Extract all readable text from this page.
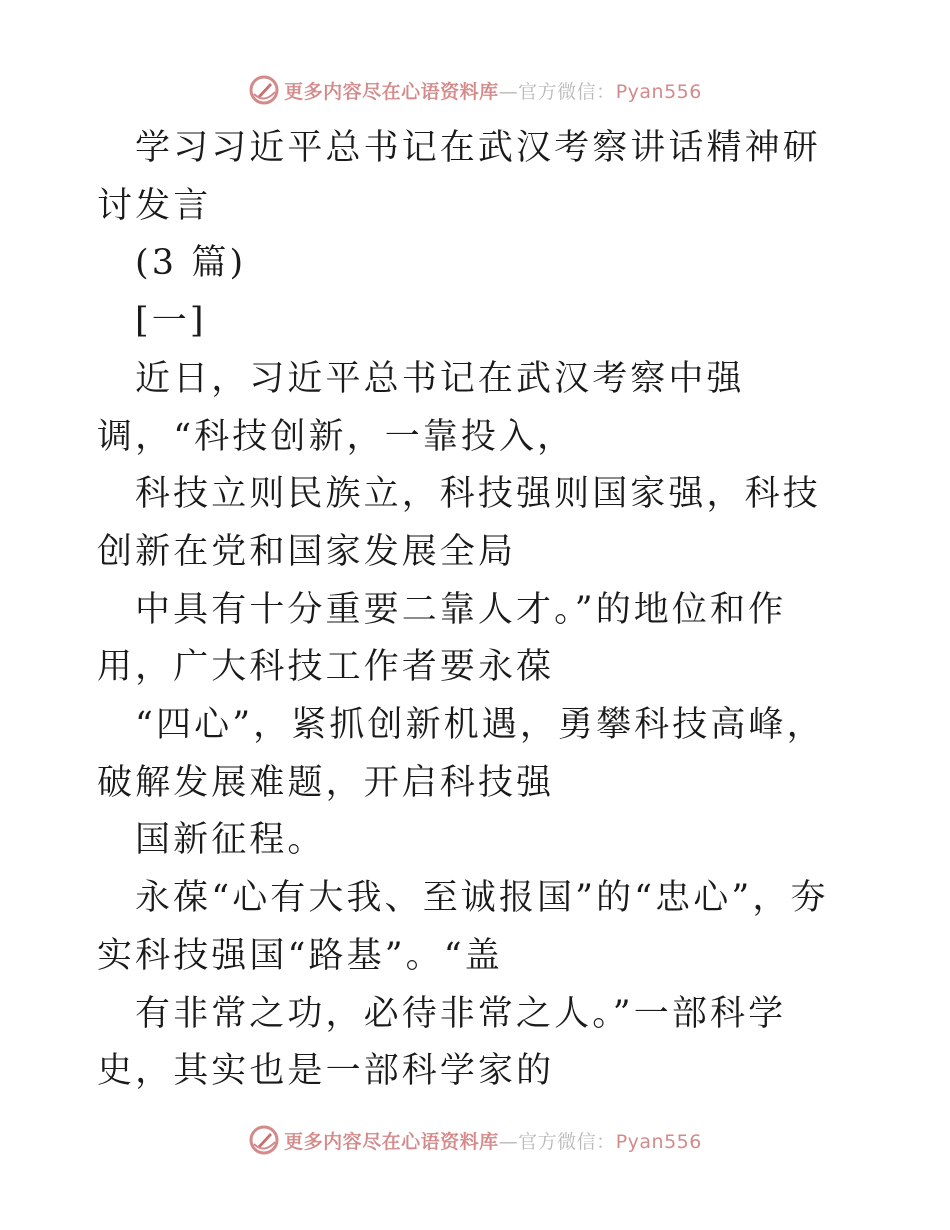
更多内容尽在心语资料库—官方微信：Pyan556

学习习近平总书记在武汉考察讲话精神研讨发言

(3 篇)

[一]

近日，习近平总书记在武汉考察中强调，“科技创新，一靠投入，

科技立则民族立，科技强则国家强，科技创新在党和国家发展全局

中具有十分重要二靠人才。”的地位和作用，广大科技工作者要永葆

“四心”，紧抓创新机遇，勇攀科技高峰，破解发展难题，开启科技强

国新征程。

永葆“心有大我、至诚报国”的“忠心”，夯实科技强国“路基”。“盖

有非常之功，必待非常之人。”一部科学史，其实也是一部科学家的

更多内容尽在心语资料库—官方微信：Pyan556
